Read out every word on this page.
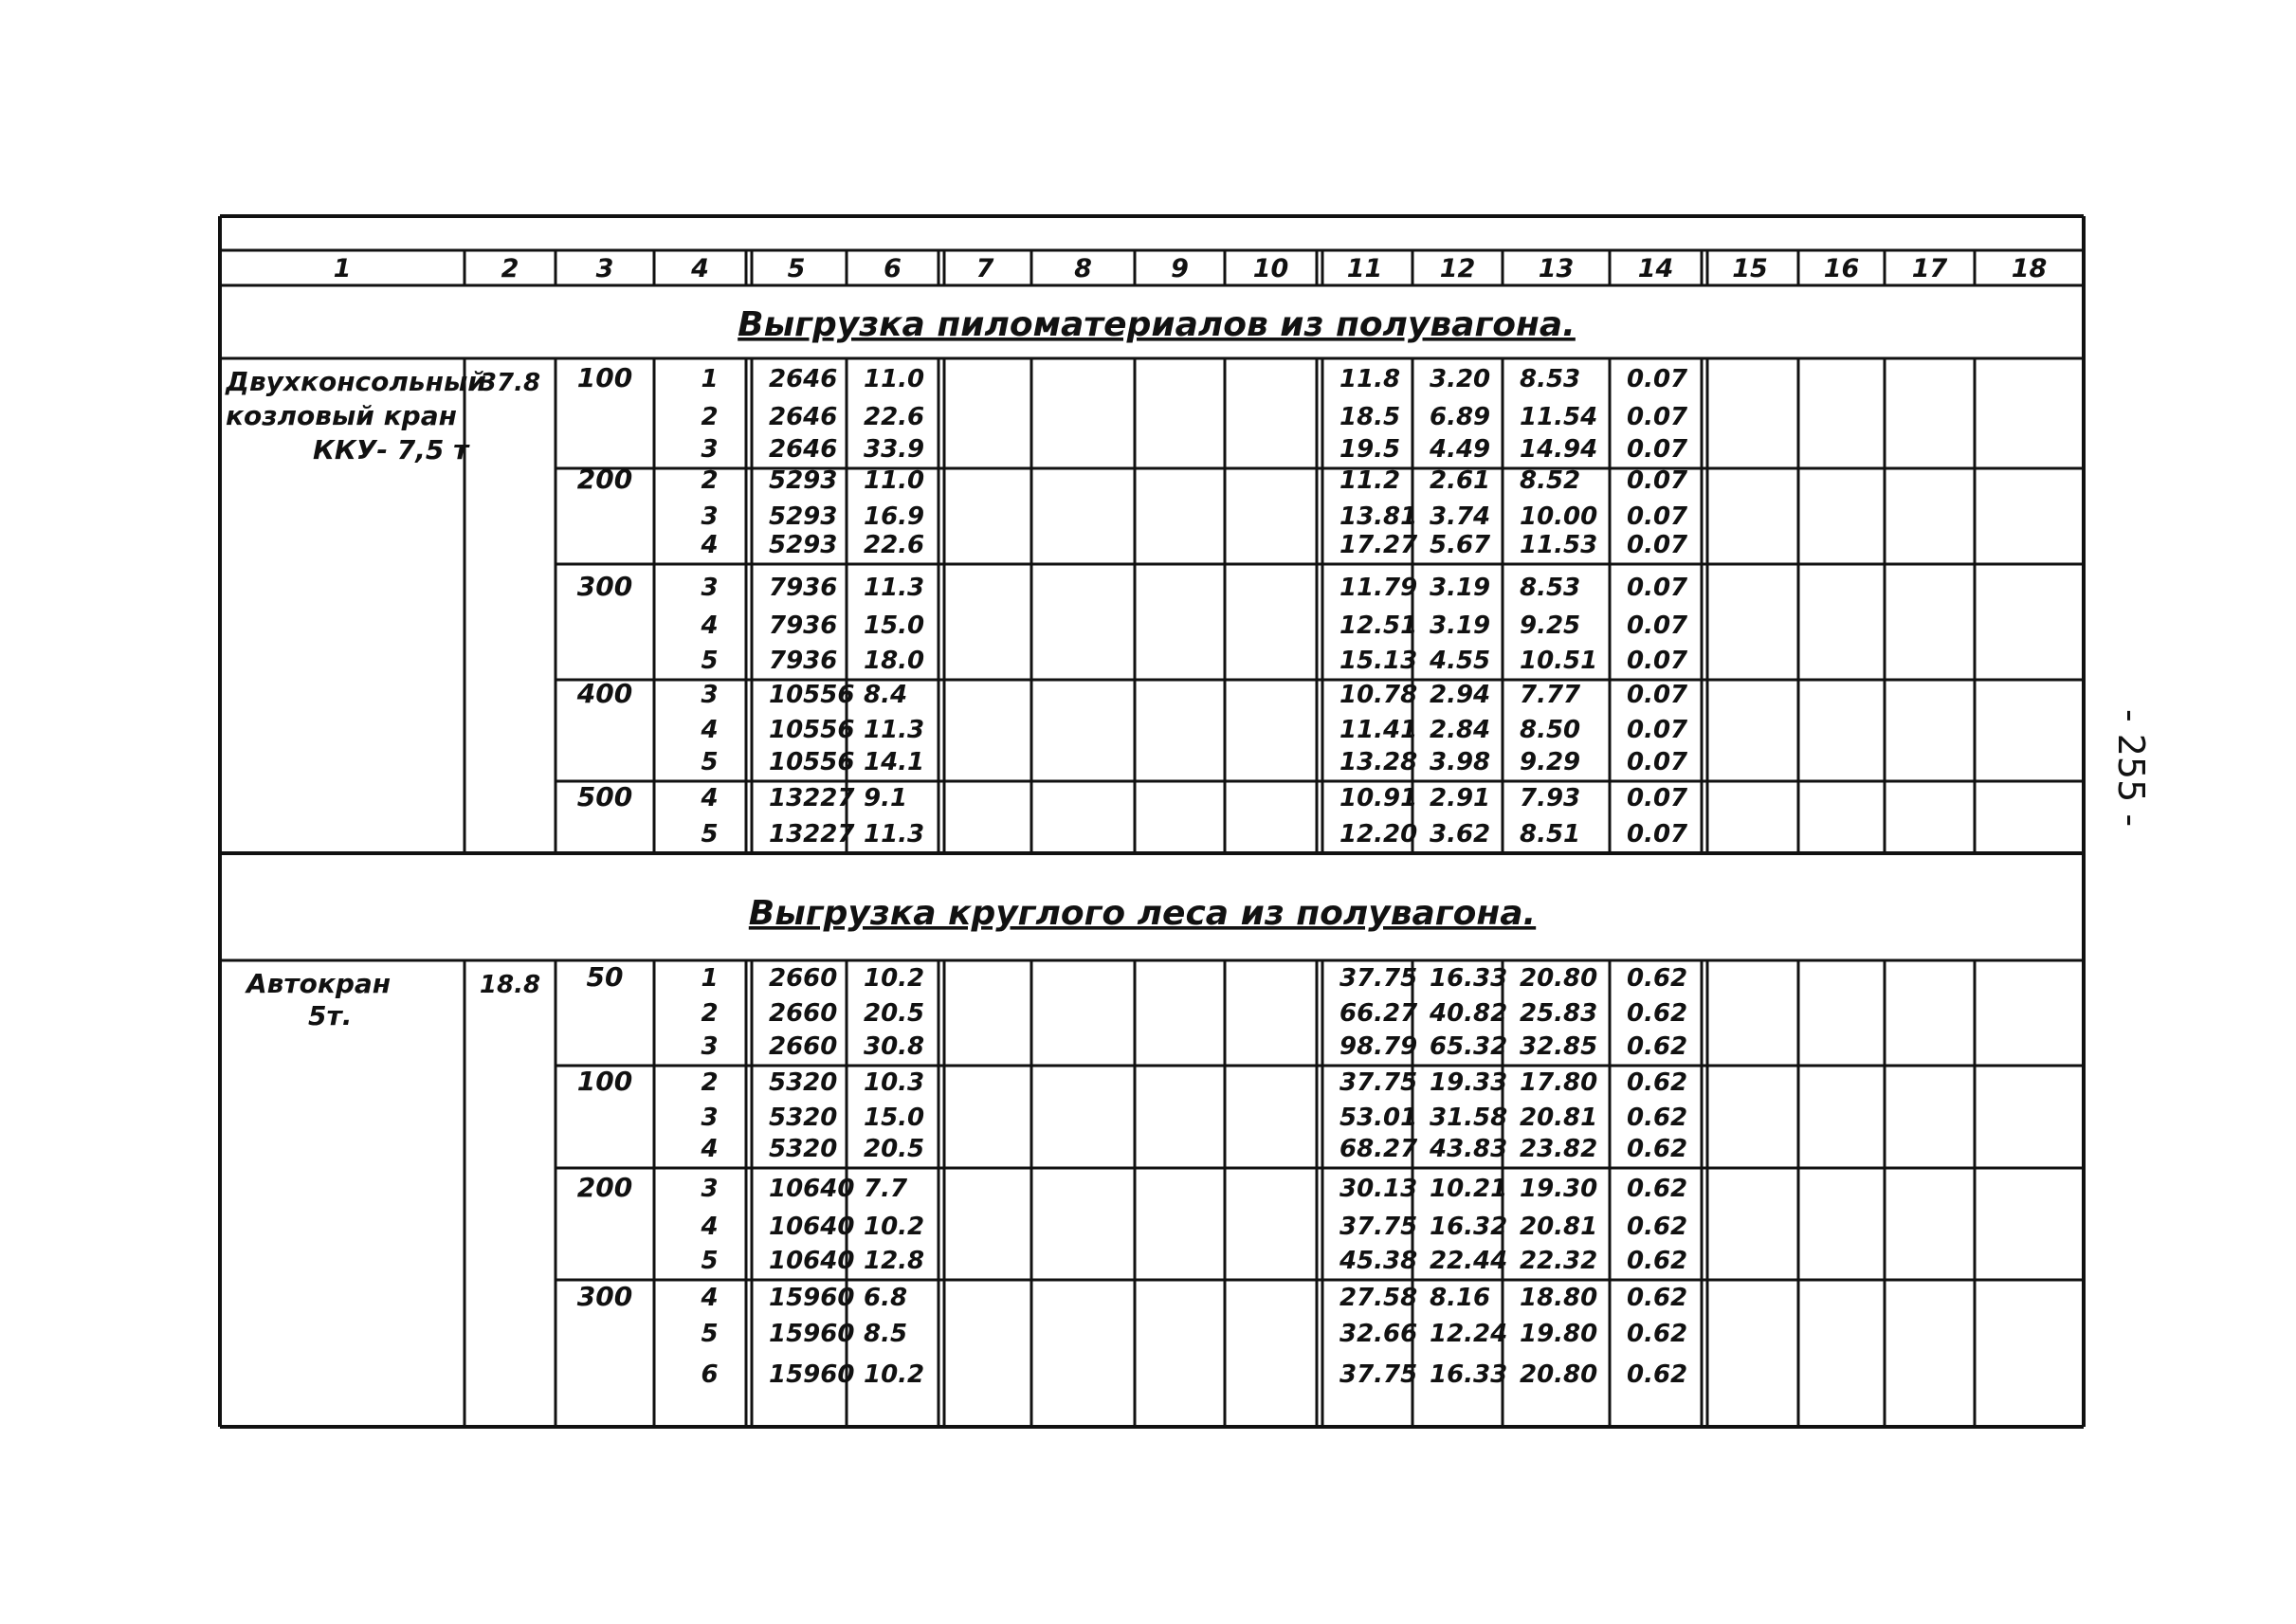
1	2	3	4	5	6	7	8	9	10 11 12 13 14 15 16 17 18
Выгрузка пиломатериалов из полувагона.
Двухконсольный
козловый кран
ККУ- 7,5 т
37.8 100	1 2646 11.0	11.8 3.20 8.53 0.07
2 2646 22.6	18.5 6.89 11.54 0.07
3 2646 33.9	19.5 4.49 14.94 0.07
200	2 5293 11.0	11.2 2.61 8.52 0.07
3 5293 16.9	13.81 3.74 10.00 0.07
4 5293 22.6	17.27 5.67 11.53 0.07
300	3 7936 11.3	11.79 3.19 8.53 0.07
4 7936 15.0	12.51 3.19 9.25 0.07
5 7936 18.0	15.13 4.55 10.51 0.07
400	3 10556 8.4	10.78 2.94 7.77 0.07
4 10556 11.3	11.41 2.84 8.50 0.07
5 10556 14.1	13.28 3.98 9.29 0.07
500	4 13227 9.1	10.91 2.91 7.93 0.07
5 13227 11.3	12.20 3.62 8.51 0.07
Выгрузка круглого леса из полувагона.
Автокран
5т.
18.8 50	1 2660 10.2	37.75 16.33 20.80 0.62
2 2660 20.5	66.27 40.82 25.83 0.62
3 2660 30.8	98.79 65.32 32.85 0.62
100	2 5320 10.3	37.75 19.33 17.80 0.62
3 5320 15.0	53.01 31.58 20.81 0.62
4 5320 20.5	68.27 43.83 23.82 0.62
200	3 10640 7.7	30.13 10.21 19.30 0.62
4 10640 10.2	37.75 16.32 20.81 0.62
5 10640 12.8	45.38 22.44 22.32 0.62
300	4 15960 6.8	27.58 8.16 18.80 0.62
5 15960 8.5	32.66 12.24 19.80 0.62
6 15960 10.2	37.75 16.33 20.80 0.62
- 255 -
